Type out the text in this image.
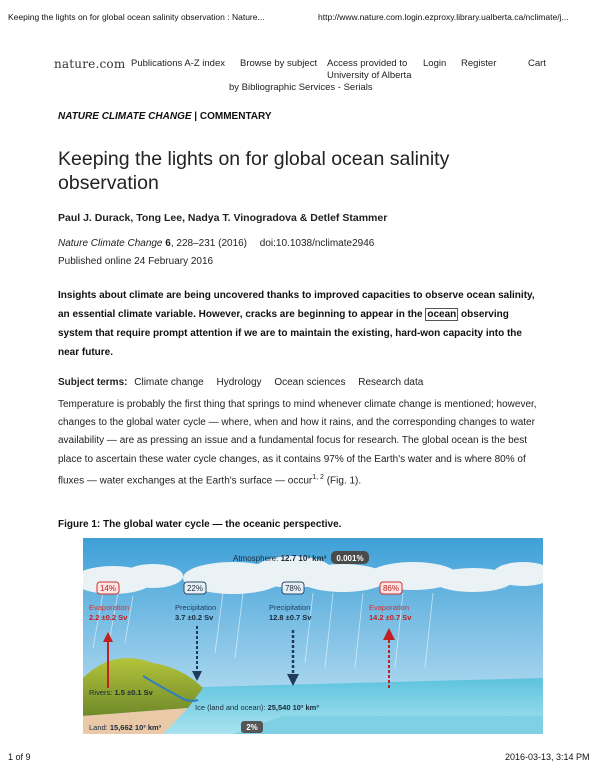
Keeping the lights on for global ocean salinity observation : Nature...	http://www.nature.com.login.ezproxy.library.ualberta.ca/nclimate/j...
nature.com Publications A-Z index Browse by subject Access provided to
University of Alberta
by Bibliographic Services - Serials
Login Register	Cart
NATURE CLIMATE CHANGE | COMMENTARY
Keeping the lights on for global ocean salinity observation
Paul J. Durack, Tong Lee, Nadya T. Vinogradova & Detlef Stammer
Nature Climate Change 6, 228–231 (2016) doi:10.1038/nclimate2946
Published online 24 February 2016
Insights about climate are being uncovered thanks to improved capacities to observe ocean salinity, an essential climate variable. However, cracks are beginning to appear in the ocean observing system that require prompt attention if we are to maintain the existing, hard-won capacity into the near future.
Subject terms: Climate change Hydrology Ocean sciences Research data
Temperature is probably the first thing that springs to mind whenever climate change is mentioned; however, changes to the global water cycle — where, when and how it rains, and the corresponding changes to water availability — are as pressing an issue and a fundamental focus for research. The global ocean is the best place to ascertain these water cycle changes, as it contains 97% of the Earth's water and is where 80% of fluxes — water exchanges at the Earth's surface — occur$^{1, 2}$ (Fig. 1).
Figure 1: The global water cycle — the oceanic perspective.
Atmosphere: 12.7 10³ km³ 0.001%
14%
Evaporation
2.2 ±0.2 Sv
22%
Precipitation
3.7 ±0.2 Sv
78%
Precipitation
12.8 ±0.7 Sv
86%
Evaporation
14.2 ±0.7 Sv
Rivers: 1.5 ±0.1 Sv
Ice (land and ocean): 25,540 10³ km³
Land: 15,662 10³ km³	2%
1 of 9	2016-03-13, 3:14 PM
